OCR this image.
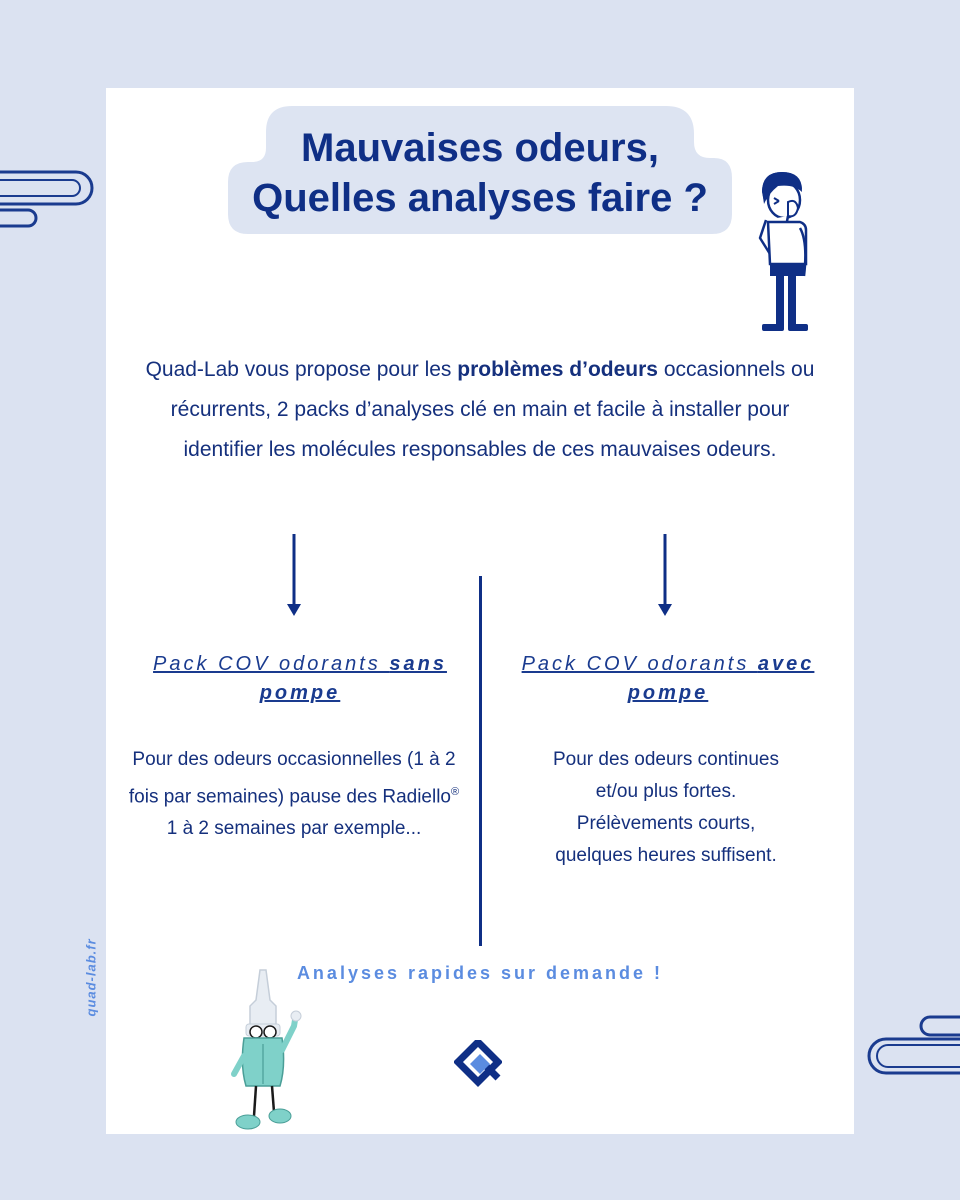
Mauvaises odeurs,
Quelles analyses faire ?
Quad-Lab vous propose pour les problèmes d’odeurs occasionnels ou récurrents, 2 packs d’analyses clé en main et facile à installer pour identifier les molécules responsables de ces mauvaises odeurs.
Pack COV odorants sans pompe
Pour des odeurs occasionnelles (1 à 2 fois par semaines) pause des Radiello® 1 à 2 semaines par exemple...
Pack COV odorants avec pompe
Pour des odeurs continues
et/ou plus fortes.
Prélèvements courts,
quelques heures suffisent.
Analyses rapides sur demande !
quad-lab.fr
